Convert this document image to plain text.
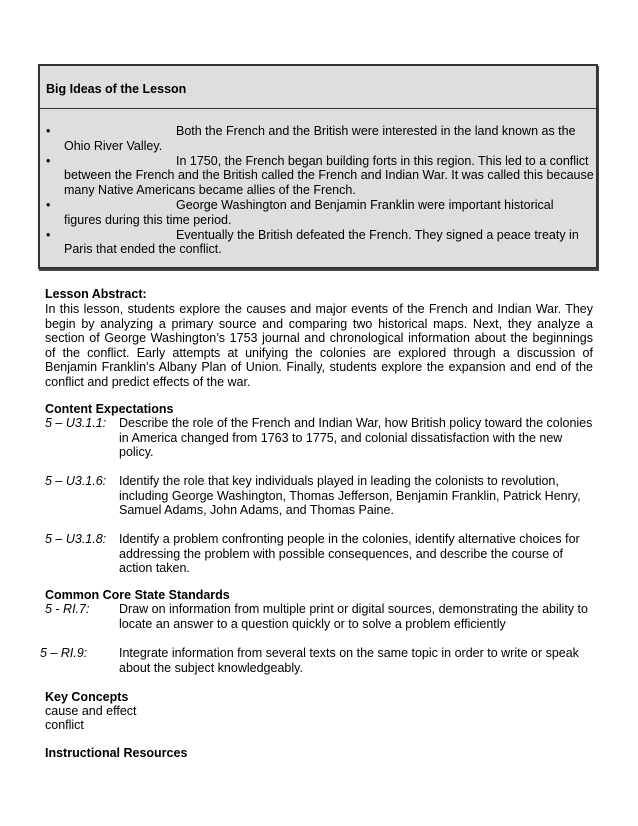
Big Ideas of the Lesson
•	Both the French and the British were interested in the land known as the
Ohio River Valley.
•	In 1750, the French began building forts in this region. This led to a conflict
between the French and the British called the French and Indian War. It was called this because many Native Americans became allies of the French.
•	George Washington and Benjamin Franklin were important historical
figures during this time period.
•	Eventually the British defeated the French. They signed a peace treaty in
Paris that ended the conflict.
Lesson Abstract:
In this lesson, students explore the causes and major events of the French and Indian War. They begin by analyzing a primary source and comparing two historical maps. Next, they analyze a section of George Washington’s 1753 journal and chronological information about the beginnings of the conflict. Early attempts at unifying the colonies are explored through a discussion of Benjamin Franklin’s Albany Plan of Union. Finally, students explore the expansion and end of the conflict and predict effects of the war.
Content Expectations
5 – U3.1.1: Describe the role of the French and Indian War, how British policy toward the colonies in America changed from 1763 to 1775, and colonial dissatisfaction with the new policy.
5 – U3.1.6: Identify the role that key individuals played in leading the colonists to revolution, including George Washington, Thomas Jefferson, Benjamin Franklin, Patrick Henry, Samuel Adams, John Adams, and Thomas Paine.
5 – U3.1.8: Identify a problem confronting people in the colonies, identify alternative choices for addressing the problem with possible consequences, and describe the course of action taken.
Common Core State Standards
5 - RI.7: Draw on information from multiple print or digital sources, demonstrating the ability to locate an answer to a question quickly or to solve a problem efficiently
5 – RI.9:	Integrate information from several texts on the same topic in order to write or speak about the subject knowledgeably.
Key Concepts
cause and effect
conflict
Instructional Resources
